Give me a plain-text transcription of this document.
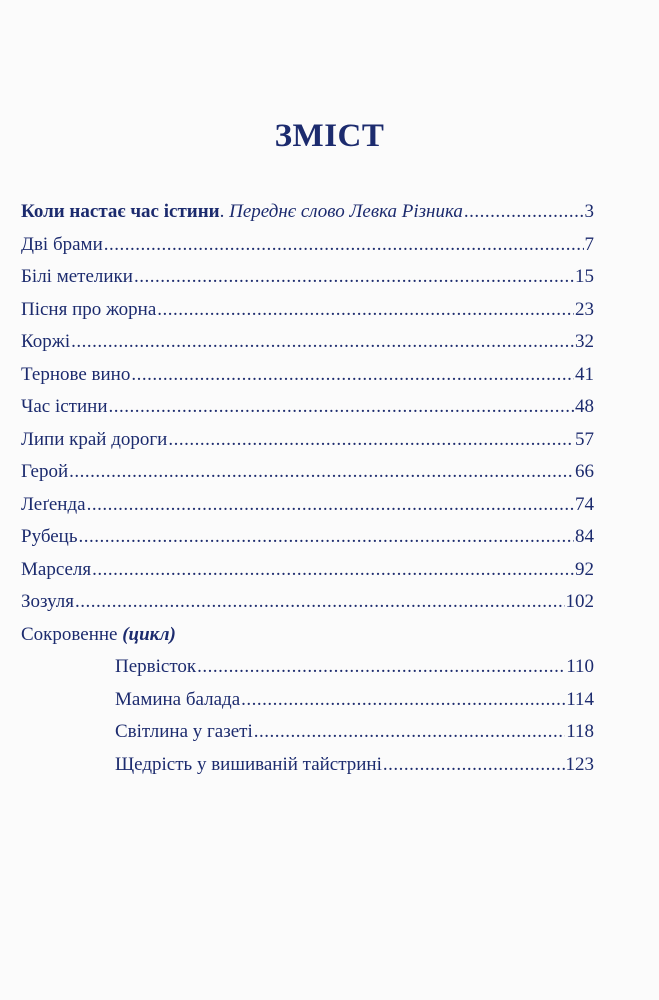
ЗМІСТ
Коли настає час істини. Переднє слово Левка Різника .....	3
Дві брами .....	7
Білі метелики .....	15
Пісня про жорна .....	23
Коржі .....	32
Тернове вино .....	41
Час істини .....	48
Липи край дороги .....	57
Герой .....	66
Леґенда .....	74
Рубець .....	84
Марселя .....	92
Зозуля .....	102
Сокровенне (цикл)
Первісток .....	110
Мамина балада .....	114
Світлина у газеті .....	118
Щедрість у вишиваній тайстрині .....	123
